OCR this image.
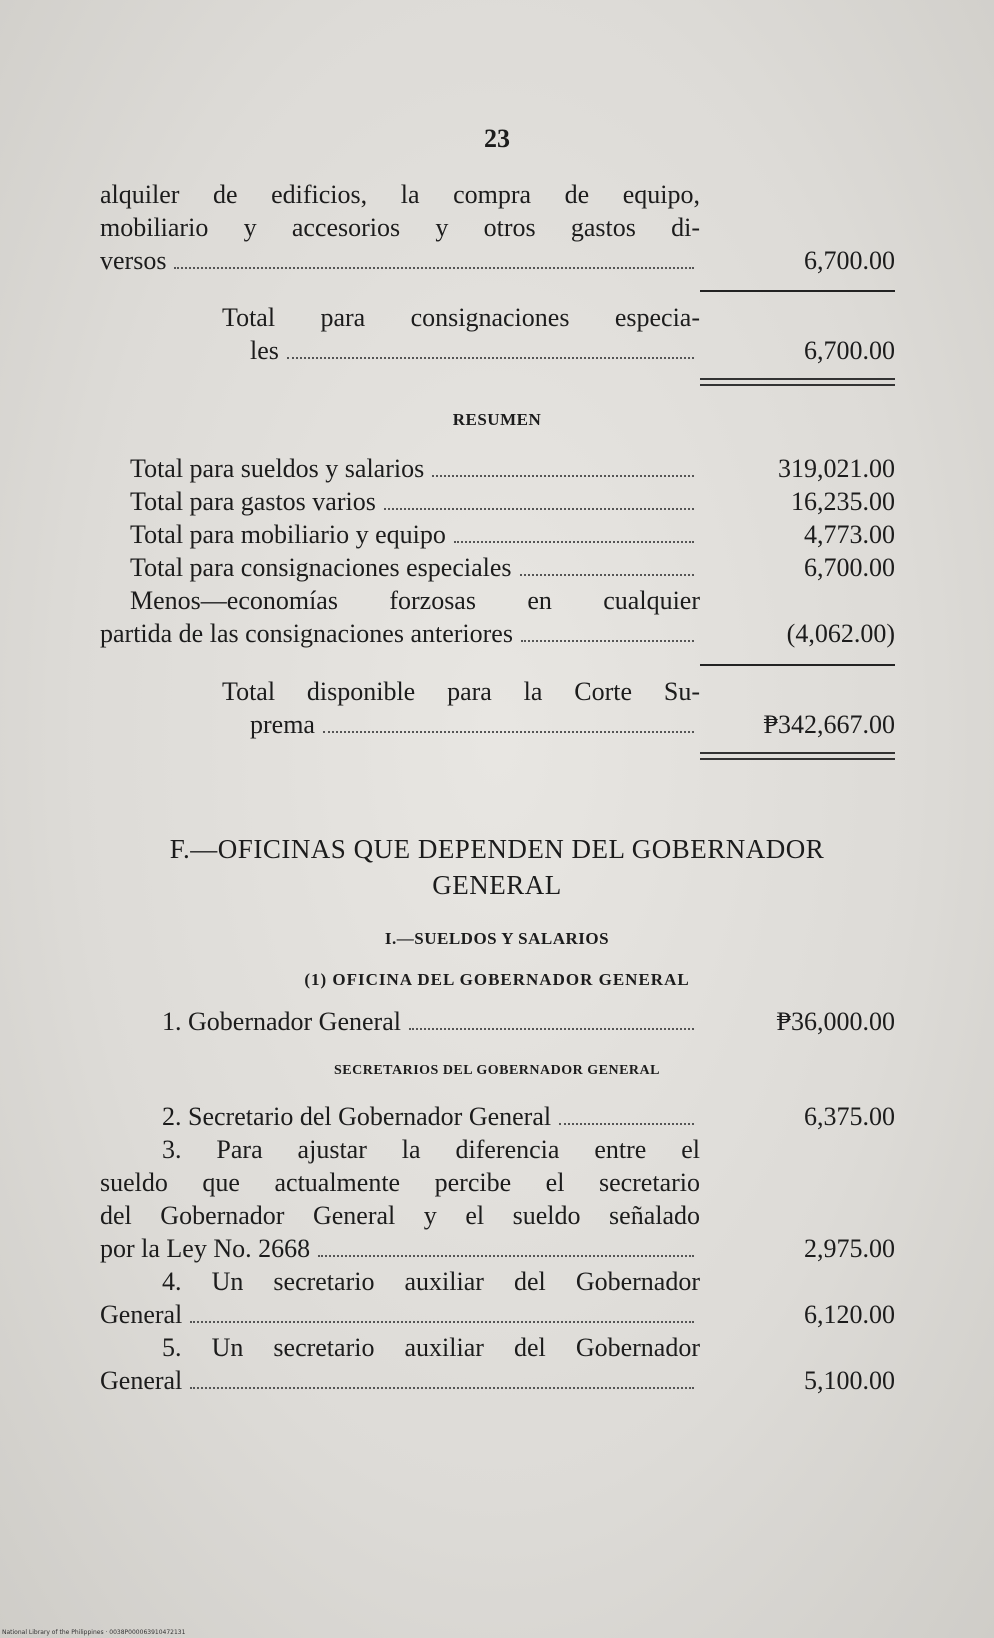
23
alquiler de edificios, la compra de equipo,
mobiliario y accesorios y otros gastos di-
versos	6,700.00
Total para consignaciones especia-
les	6,700.00
RESUMEN
Total para sueldos y salarios	319,021.00
Total para gastos varios	16,235.00
Total para mobiliario y equipo	4,773.00
Total para consignaciones especiales	6,700.00
Menos—economías forzosas en cualquier
partida de las consignaciones anteriores	(4,062.00)
Total disponible para la Corte Su-
prema	₱342,667.00
F.—OFICINAS QUE DEPENDEN DEL GOBERNADOR
GENERAL
I.—SUELDOS Y SALARIOS
(1) OFICINA DEL GOBERNADOR GENERAL
1. Gobernador General	₱36,000.00
SECRETARIOS DEL GOBERNADOR GENERAL
2. Secretario del Gobernador General	6,375.00
3. Para ajustar la diferencia entre el
sueldo que actualmente percibe el secretario
del Gobernador General y el sueldo señalado
por la Ley No. 2668	2,975.00
4. Un secretario auxiliar del Gobernador
General	6,120.00
5. Un secretario auxiliar del Gobernador
General	5,100.00
National Library of the Philippines · 0038P000063910472131
